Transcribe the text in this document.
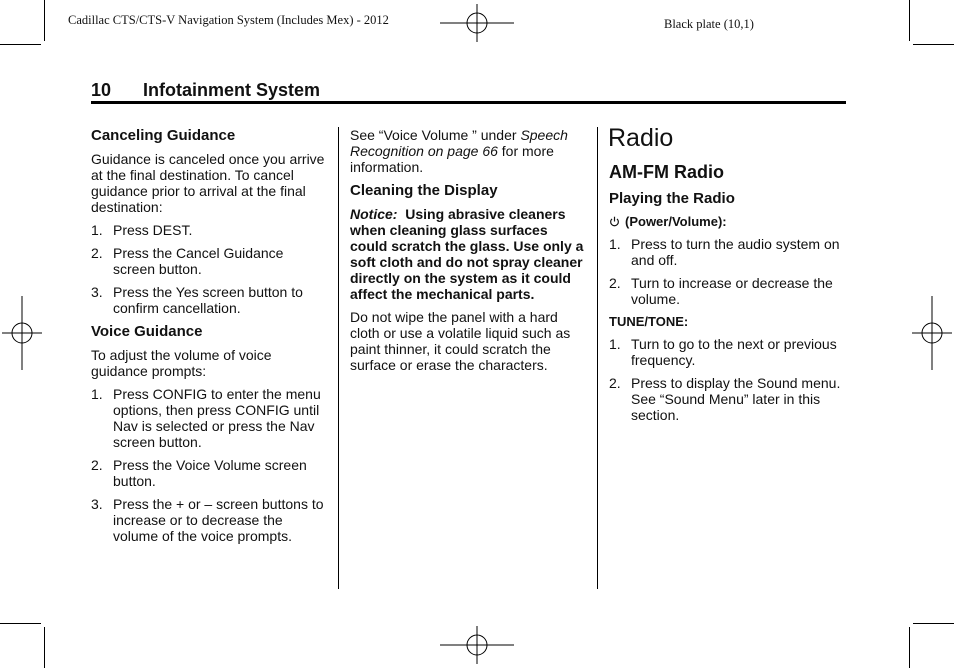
Cadillac CTS/CTS-V Navigation System (Includes Mex) - 2012	Black plate (10,1)
10 Infotainment System
Canceling Guidance

Guidance is canceled once you arrive at the final destination. To cancel guidance prior to arrival at the final destination:

1. Press DEST.
2. Press the Cancel Guidance screen button.
3. Press the Yes screen button to confirm cancellation.
Voice Guidance

To adjust the volume of voice guidance prompts:

1. Press CONFIG to enter the menu options, then press CONFIG until Nav is selected or press the Nav screen button.
2. Press the Voice Volume screen button.
3. Press the + or – screen buttons to increase or to decrease the volume of the voice prompts.

See “Voice Volume ” under Speech Recognition on page 66 for more information.

Cleaning the Display
Notice: Using abrasive cleaners when cleaning glass surfaces could scratch the glass. Use only a soft cloth and do not spray cleaner directly on the system as it could affect the mechanical parts.

Do not wipe the panel with a hard cloth or use a volatile liquid such as paint thinner, it could scratch the surface or erase the characters.

Radio
AM-FM Radio
Playing the Radio
(Power/Volume):
1. Press to turn the audio system on and off.
2. Turn to increase or decrease the volume.
TUNE/TONE:
1. Turn to go to the next or previous frequency.
2. Press to display the Sound menu. See “Sound Menu” later in this section.
